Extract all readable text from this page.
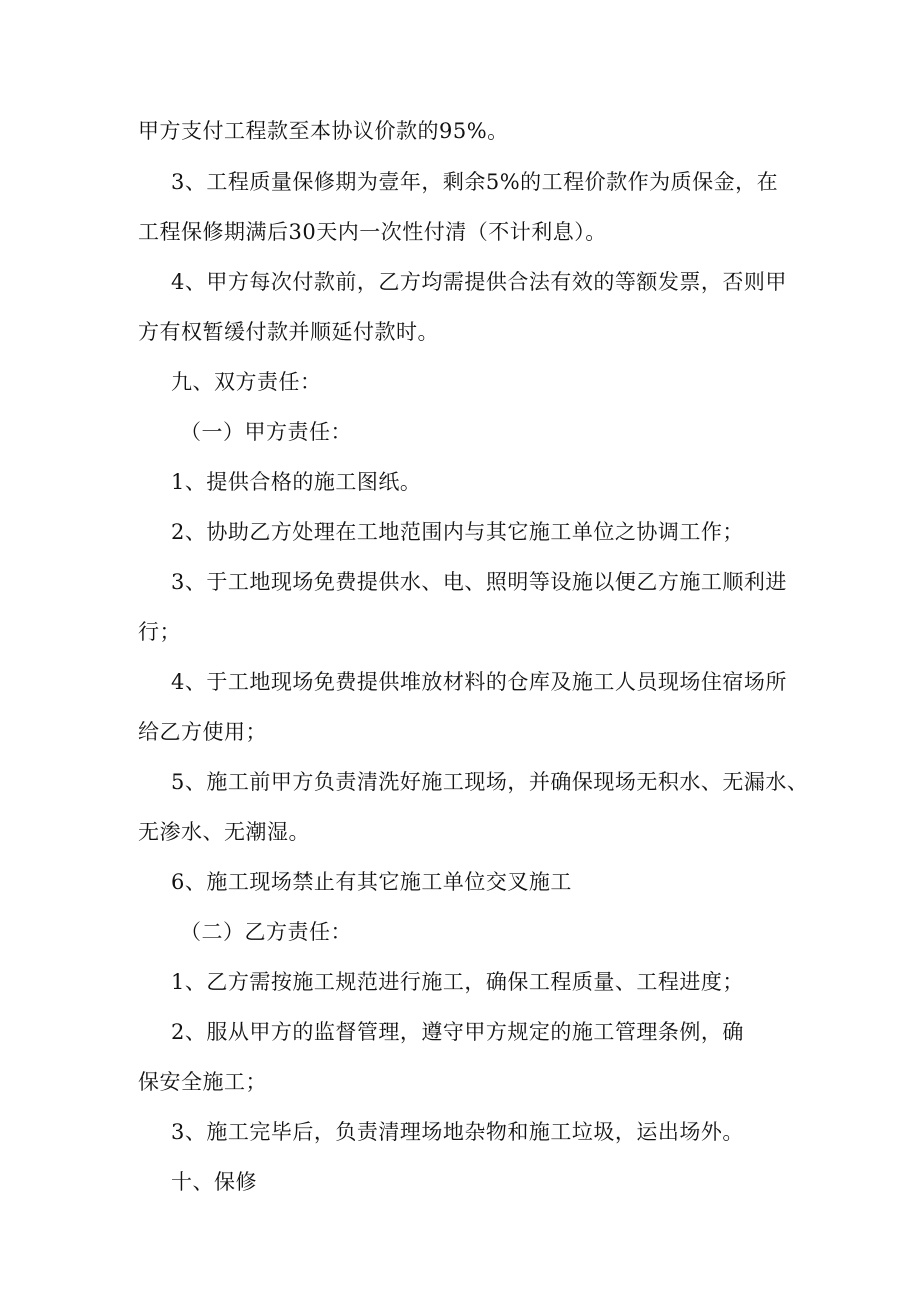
甲方支付工程款至本协议价款的95%。
3、工程质量保修期为壹年，剩余5%的工程价款作为质保金，在
工程保修期满后30天内一次性付清（不计利息）。
4、甲方每次付款前，乙方均需提供合法有效的等额发票，否则甲
方有权暂缓付款并顺延付款时。
九、双方责任：
（一）甲方责任：
1、提供合格的施工图纸。
2、协助乙方处理在工地范围内与其它施工单位之协调工作；
3、于工地现场免费提供水、电、照明等设施以便乙方施工顺利进
行；
4、于工地现场免费提供堆放材料的仓库及施工人员现场住宿场所
给乙方使用；
5、施工前甲方负责清洗好施工现场，并确保现场无积水、无漏水、
无渗水、无潮湿。
6、施工现场禁止有其它施工单位交叉施工
（二）乙方责任：
1、乙方需按施工规范进行施工，确保工程质量、工程进度；
2、服从甲方的监督管理，遵守甲方规定的施工管理条例，确
保安全施工；
3、施工完毕后，负责清理场地杂物和施工垃圾，运出场外。
十、保修
